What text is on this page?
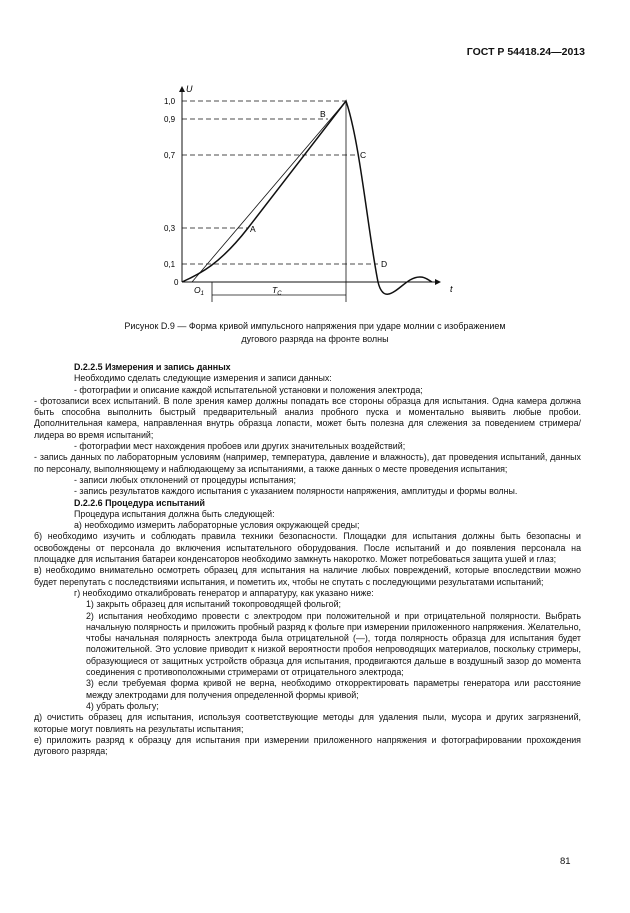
ГОСТ Р 54418.24—2013
U
t
1,0
0,9
0,7
0,3
0,1
0
B
C
A
D
$O_1$	$T_C$
Рисунок D.9 — Форма кривой импульсного напряжения при ударе молнии с изображением
дугового разряда на фронте волны

D.2.2.5 Измерения и запись данных

Необходимо сделать следующие измерения и записи данных:

- фотографии и описание каждой испытательной установки и положения электрода;

- фотозаписи всех испытаний. В поле зрения камер должны попадать все стороны образца для испытания. Одна камера должна быть способна выполнить быстрый предварительный анализ пробного пуска и моментально выявить любые пробои. Дополнительная камера, направленная внутрь образца лопасти, может быть полезна для слежения за поведением стримера/лидера во время испытаний;

- фотографии мест нахождения пробоев или других значительных воздействий;

- запись данных по лабораторным условиям (например, температура, давление и влажность), дат проведения испытаний, данных по персоналу, выполняющему и наблюдающему за испытаниями, а также данных о месте проведения испытания;

- записи любых отклонений от процедуры испытания;

- запись результатов каждого испытания с указанием полярности напряжения, амплитуды и формы волны.

D.2.2.6 Процедура испытаний

Процедура испытания должна быть следующей:

а) необходимо измерить лабораторные условия окружающей среды;

б) необходимо изучить и соблюдать правила техники безопасности. Площадки для испытания должны быть безопасны и освобождены от персонала до включения испытательного оборудования. После испытаний и до появления персонала на площадке для испытания батареи конденсаторов необходимо замкнуть накоротко. Может потребоваться защита ушей и глаз;

в) необходимо внимательно осмотреть образец для испытания на наличие любых повреждений, которые впоследствии можно будет перепутать с последствиями испытания, и пометить их, чтобы не спутать с последующими результатами испытаний;

г) необходимо откалибровать генератор и аппаратуру, как указано ниже:

1) закрыть образец для испытаний токопроводящей фольгой;

2) испытания необходимо провести с электродом при положительной и при отрицательной полярности. Выбрать начальную полярность и приложить пробный разряд к фольге при измерении приложенного напряжения. Желательно, чтобы начальная полярность электрода была отрицательной (—), тогда полярность образца для испытания будет положительной. Это условие приводит к низкой вероятности пробоя непроводящих материалов, поскольку стримеры, образующиеся от защитных устройств образца для испытания, продвигаются дальше в воздушный зазор до момента соединения с противоположными стримерами от отрицательного электрода;

3) если требуемая форма кривой не верна, необходимо откорректировать параметры генератора или расстояние между электродами для получения определенной формы кривой;

4) убрать фольгу;

д) очистить образец для испытания, используя соответствующие методы для удаления пыли, мусора и других загрязнений, которые могут повлиять на результаты испытания;

е) приложить разряд к образцу для испытания при измерении приложенного напряжения и фотографировании прохождения дугового разряда;

81
